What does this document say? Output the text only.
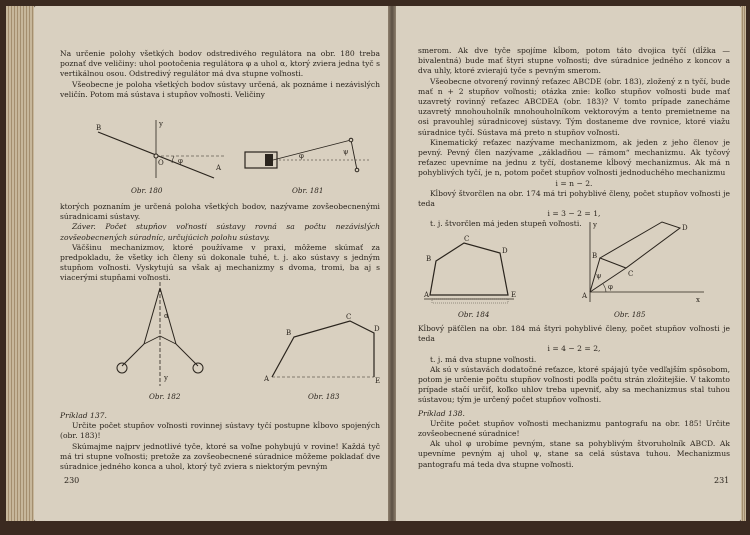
Na určenie polohy všetkých bodov odstredivého regulátora na obr. 180 treba poznať dve veličiny: uhol pootočenia regulátora φ a uhol α, ktorý zviera jedna tyč s vertikálnou osou. Odstredivý regulátor má dva stupne voľnosti.

Všeobecne je poloha všetkých bodov sústavy určená, ak poznáme i nezávislých veličín. Potom má sústava i stupňov voľnosti. Veličiny

B
A
O φ
y
Obr. 180
φ	ψ
Obr. 181

ktorých poznaním je určená poloha všetkých bodov, nazývame zovšeobecnenými súradnicami sústavy.

Záver. Počet stupňov voľnosti sústavy rovná sa počtu nezávislých zovšeobecnených súradníc, určujúcich polohu sústavy.

Väčšinu mechanizmov, ktoré používame v praxi, môžeme skúmať za predpokladu, že všetky ich členy sú dokonale tuhé, t. j. ako sústavy s jedným stupňom voľnosti. Vyskytujú sa však aj mechanizmy s dvoma, tromi, ba aj s viacerými stupňami voľnosti.

α
y
Obr. 182
A
B
C
D
E
Obr. 183

Príklad 137.

Určite počet stupňov voľnosti rovinnej sústavy tyčí postupne kĺbovo spojených (obr. 183)!

Skúmajme najprv jednotlivé tyče, ktoré sa voľne pohybujú v rovine! Každá tyč má tri stupne voľnosti; pretože za zovšeobecnené súradnice môžeme pokladať dve súradnice jedného konca a uhol, ktorý tyč zviera s niektorým pevným

230

smerom. Ak dve tyče spojíme kĺbom, potom táto dvojica tyčí (dĺžka — bivalentná) bude mať štyri stupne voľnosti; dve súradnice jedného z koncov a dva uhly, ktoré zvierajú tyče s pevným smerom.

Všeobecne otvorený rovinný reťazec ABCDE (obr. 183), zložený z n tyčí, bude mať n + 2 stupňov voľnosti; otázka znie: koľko stupňov voľnosti bude mať uzavretý rovinný reťazec ABCDEA (obr. 183)? V tomto prípade zanecháme uzavretý mnohouholník mnohouholníkom vektorovým a tento premietneme na osi pravouhlej súradnicovej sústavy. Tým dostaneme dve rovnice, ktoré viažu súradnice tyčí. Sústava má preto n stupňov voľnosti.

Kinematický reťazec nazývame mechanizmom, ak jeden z jeho členov je pevný. Pevný člen nazývame „základňou — rámom“ mechanizmu. Ak tyčový reťazec upevníme na jednu z tyčí, dostaneme kĺbový mechanizmus. Ak má n pohyblivých tyčí, je n, potom počet stupňov voľnosti jednoduchého mechanizmu

i = n − 2.

Kĺbový štvorčlen na obr. 174 má tri pohyblivé členy, počet stupňov voľnosti je teda

i = 3 − 2 = 1,

t. j. štvorčlen má jeden stupeň voľnosti.

A
B
C
D
E
Obr. 184
A
B
C
D
φ
ψ
y
x
Obr. 185

Kĺbový päťčlen na obr. 184 má štyri pohyblivé členy, počet stupňov voľnosti je teda

i = 4 − 2 = 2,

t. j. má dva stupne voľnosti.

Ak sú v sústavách dodatočné reťazce, ktoré spájajú tyče vedľajším spôsobom, potom je určenie počtu stupňov voľnosti podľa počtu strán zložitejšie. V takomto prípade stačí určiť, koľko uhlov treba upevniť, aby sa mechanizmus stal tuhou sústavou; tým je určený počet stupňov voľnosti.

Príklad 138.

Určite počet stupňov voľnosti mechanizmu pantografu na obr. 185! Určite zovšeobecnené súradnice!

Ak uhol φ urobíme pevným, stane sa pohyblivým štvoruholník ABCD. Ak upevníme pevným aj uhol ψ, stane sa celá sústava tuhou. Mechanizmus pantografu má teda dva stupne voľnosti.

231
